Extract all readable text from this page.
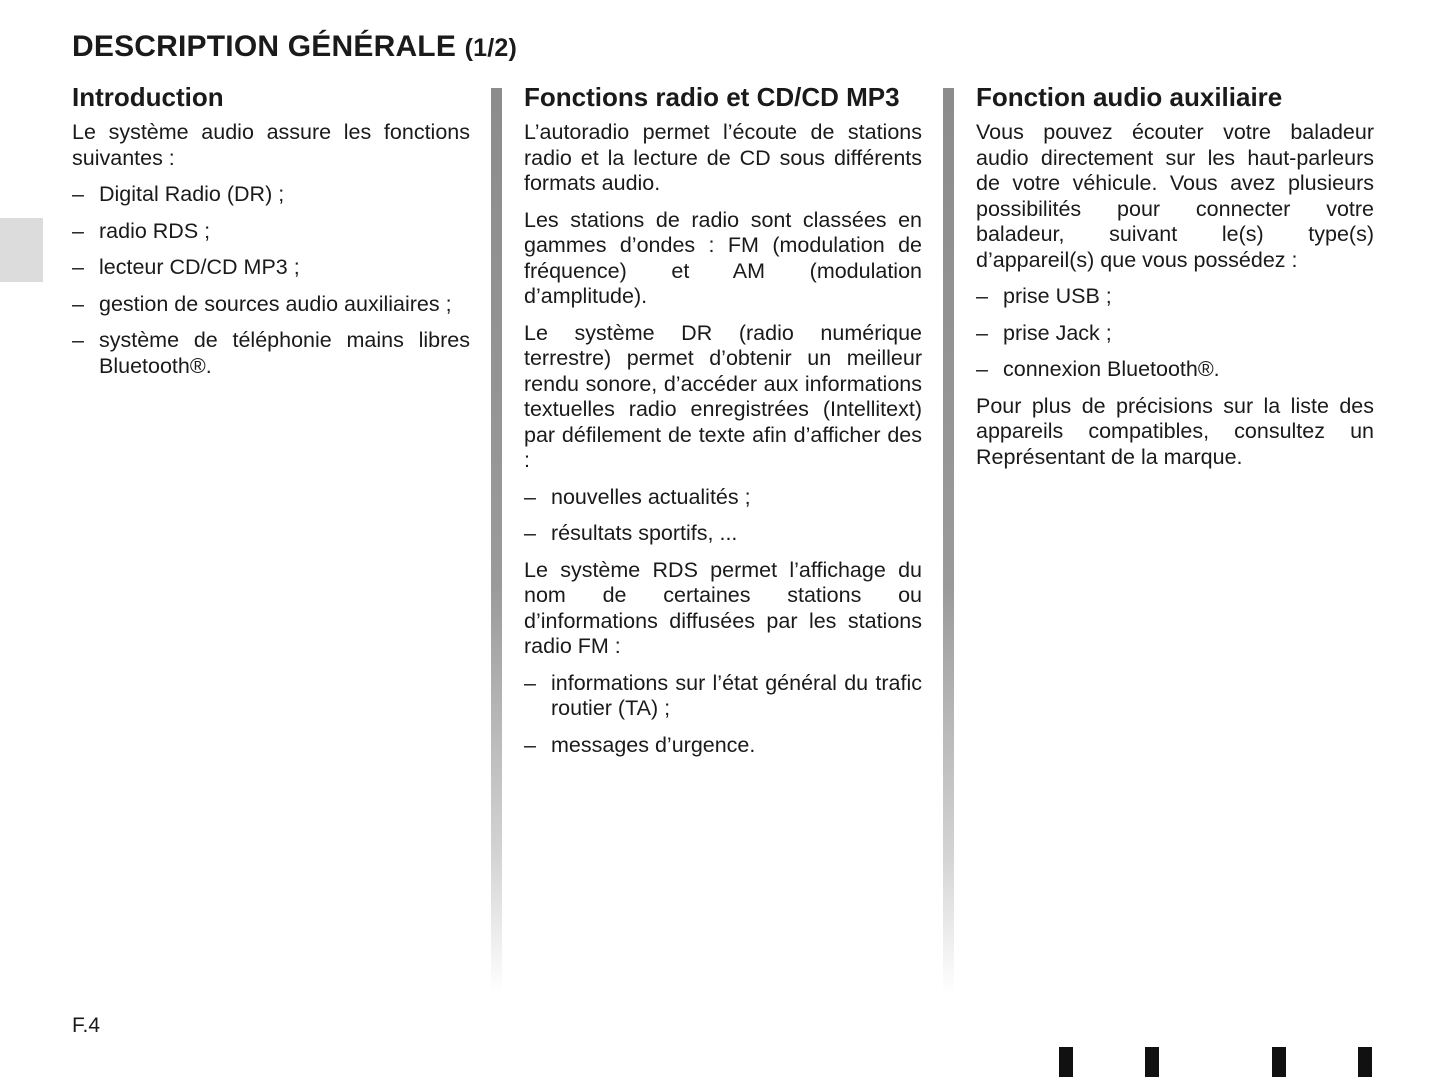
DESCRIPTION GÉNÉRALE (1/2)
Introduction

Le système audio assure les fonctions suivantes :

– Digital Radio (DR) ;
– radio RDS ;
– lecteur CD/CD MP3 ;
– gestion de sources audio auxiliaires ;
– système de téléphonie mains libres Bluetooth®.
Fonctions radio et CD/CD MP3

L’autoradio permet l’écoute de stations radio et la lecture de CD sous différents formats audio.

Les stations de radio sont classées en gammes d’ondes : FM (modulation de fréquence) et AM (modulation d’amplitude).

Le système DR (radio numérique terrestre) permet d’obtenir un meilleur rendu sonore, d’accéder aux informations textuelles radio enregistrées (Intellitext) par défilement de texte afin d’afficher des :

– nouvelles actualités ;
– résultats sportifs, ...

Le système RDS permet l’affichage du nom de certaines stations ou d’informations diffusées par les stations radio FM :

– informations sur l’état général du trafic routier (TA) ;
– messages d’urgence.
Fonction audio auxiliaire

Vous pouvez écouter votre baladeur audio directement sur les haut-parleurs de votre véhicule. Vous avez plusieurs possibilités pour connecter votre baladeur, suivant le(s) type(s) d’appareil(s) que vous possédez :

– prise USB ;
– prise Jack ;
– connexion Bluetooth®.

Pour plus de précisions sur la liste des appareils compatibles, consultez un Représentant de la marque.

F.4
